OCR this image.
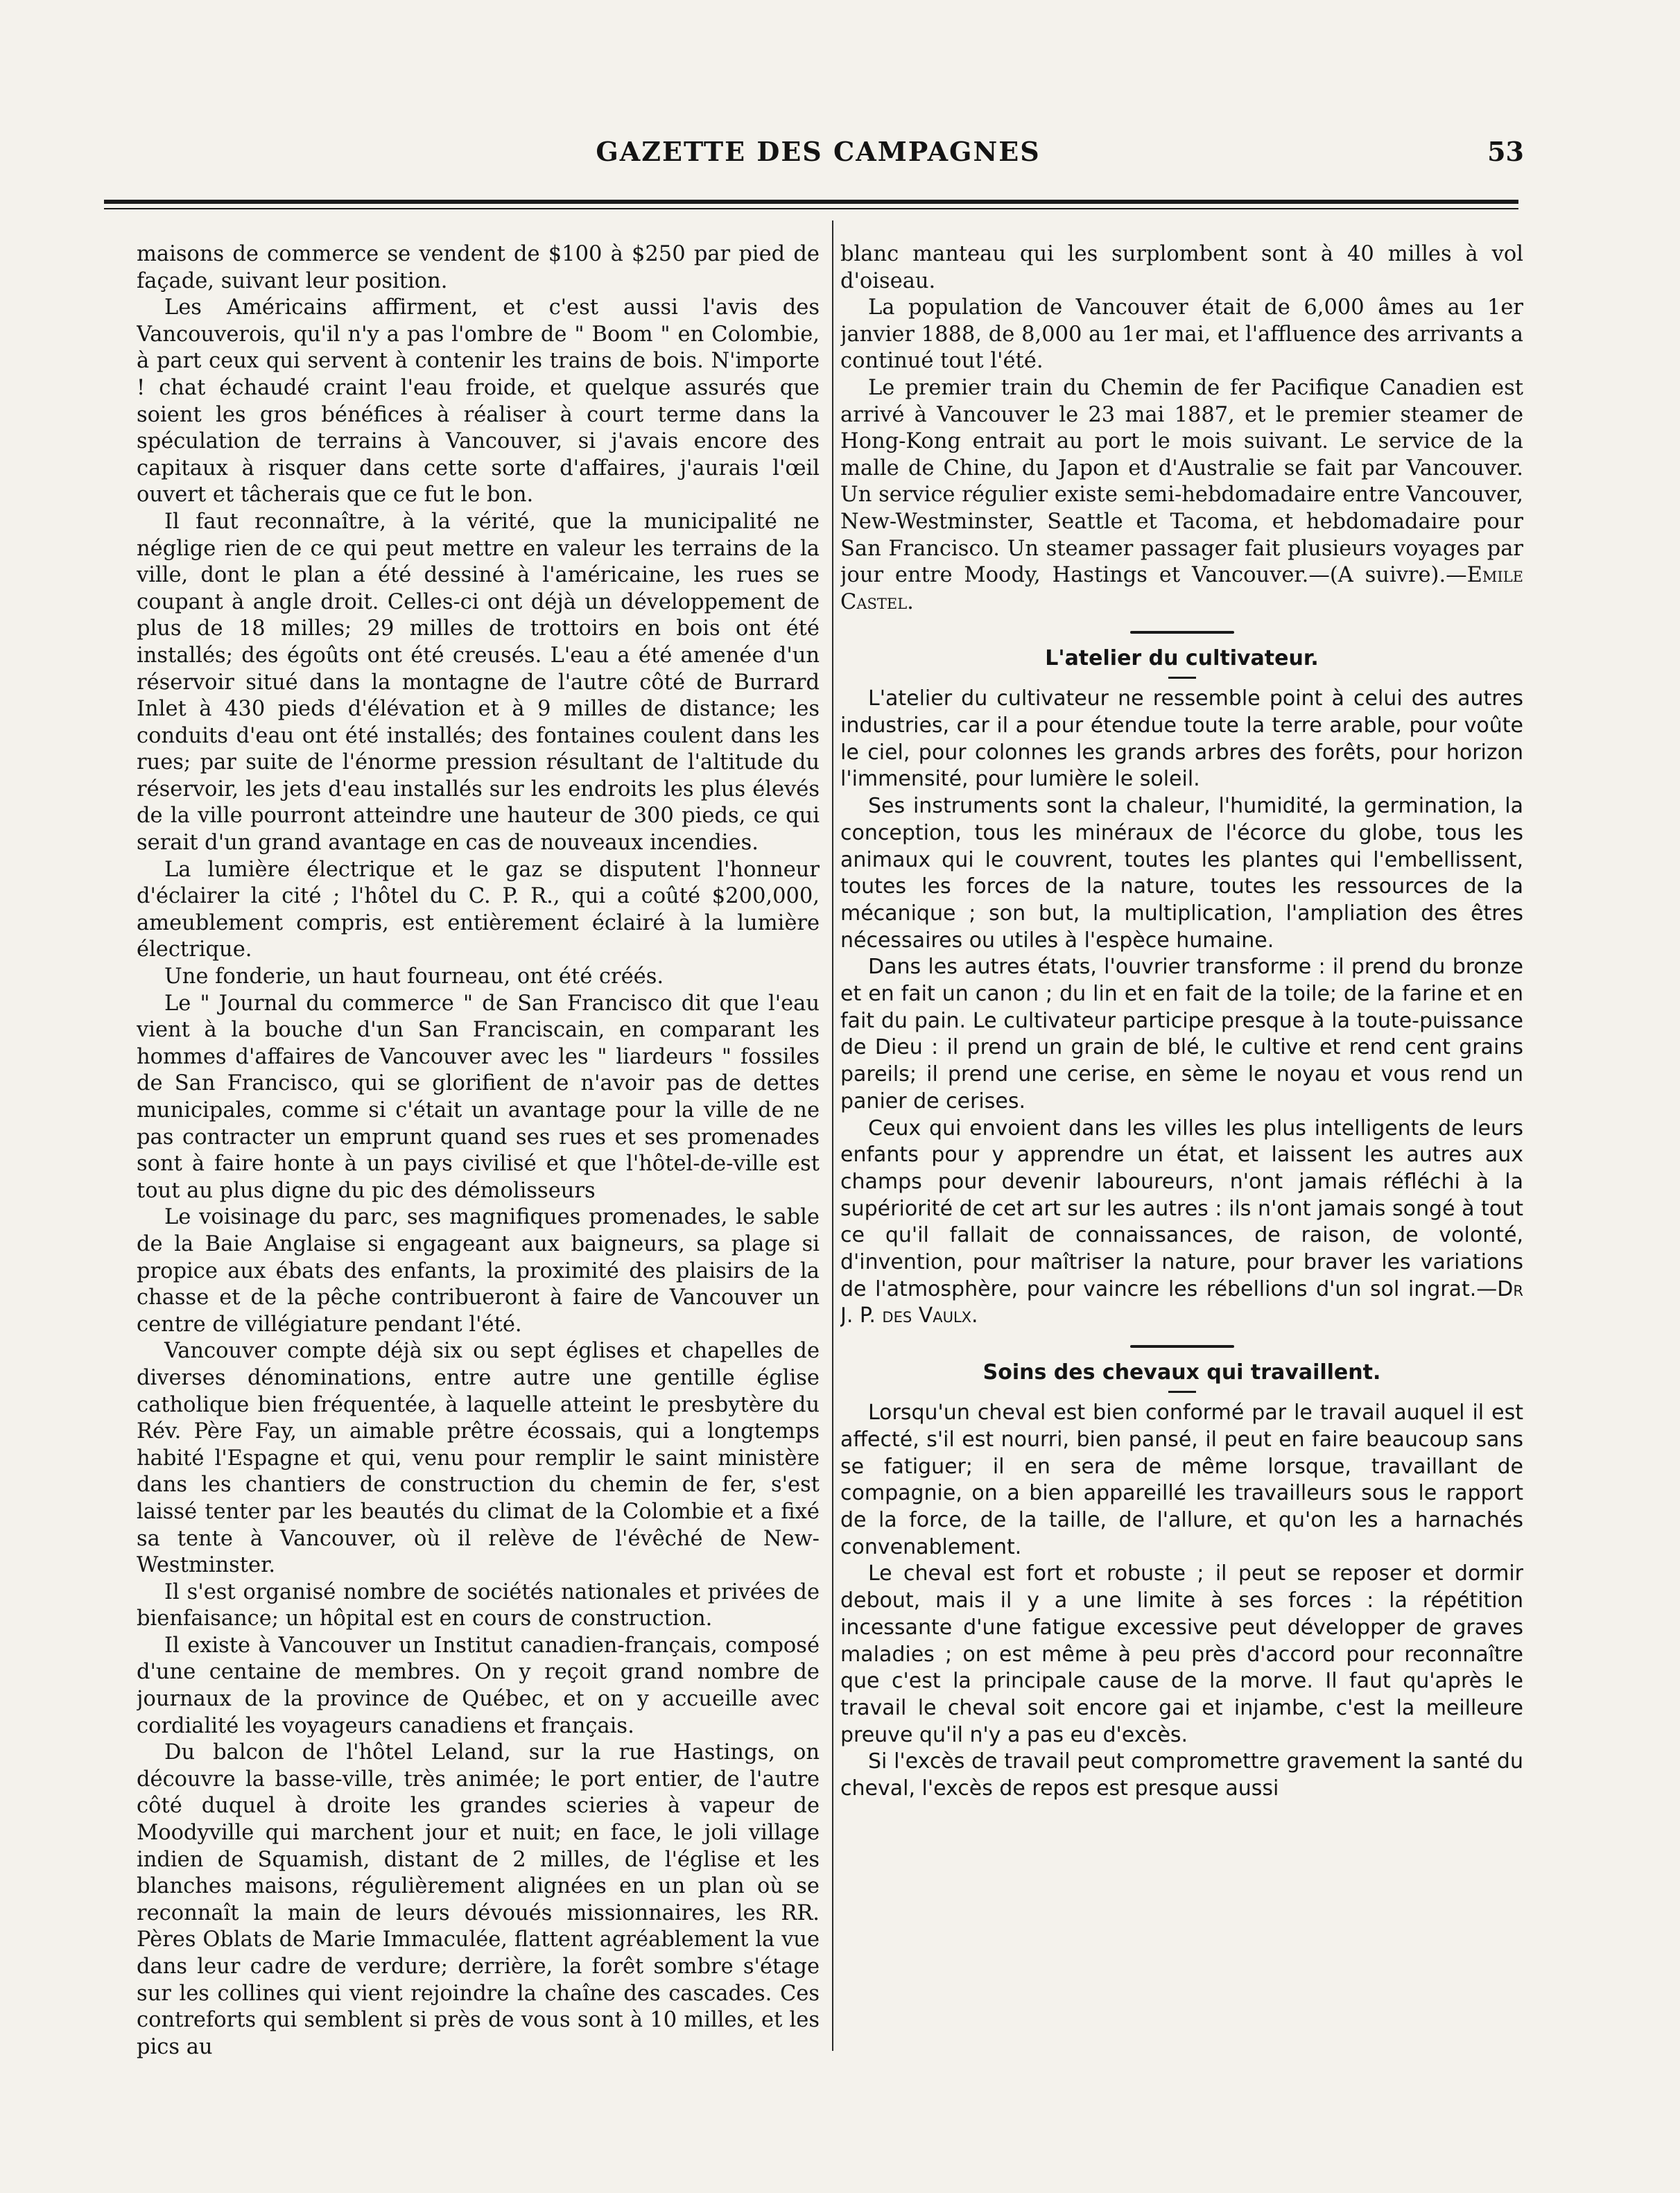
GAZETTE DES CAMPAGNES	53

maisons de commerce se vendent de $100 à $250 par pied de façade, suivant leur position.

Les Américains affirment, et c'est aussi l'avis des Vancouverois, qu'il n'y a pas l'ombre de " Boom " en Colombie, à part ceux qui servent à contenir les trains de bois. N'importe ! chat échaudé craint l'eau froide, et quelque assurés que soient les gros bénéfices à réaliser à court terme dans la spéculation de terrains à Vancouver, si j'avais encore des capitaux à risquer dans cette sorte d'affaires, j'aurais l'œil ouvert et tâcherais que ce fut le bon.

Il faut reconnaître, à la vérité, que la municipalité ne néglige rien de ce qui peut mettre en valeur les terrains de la ville, dont le plan a été dessiné à l'américaine, les rues se coupant à angle droit. Celles-ci ont déjà un développement de plus de 18 milles; 29 milles de trottoirs en bois ont été installés; des égoûts ont été creusés. L'eau a été amenée d'un réservoir situé dans la montagne de l'autre côté de Burrard Inlet à 430 pieds d'élévation et à 9 milles de distance; les conduits d'eau ont été installés; des fontaines coulent dans les rues; par suite de l'énorme pression résultant de l'altitude du réservoir, les jets d'eau installés sur les endroits les plus élevés de la ville pourront atteindre une hauteur de 300 pieds, ce qui serait d'un grand avantage en cas de nouveaux incendies.

La lumière électrique et le gaz se disputent l'honneur d'éclairer la cité ; l'hôtel du C. P. R., qui a coûté $200,000, ameublement compris, est entièrement éclairé à la lumière électrique.

Une fonderie, un haut fourneau, ont été créés.

Le " Journal du commerce " de San Francisco dit que l'eau vient à la bouche d'un San Franciscain, en comparant les hommes d'affaires de Vancouver avec les " liardeurs " fossiles de San Francisco, qui se glorifient de n'avoir pas de dettes municipales, comme si c'était un avantage pour la ville de ne pas contracter un emprunt quand ses rues et ses promenades sont à faire honte à un pays civilisé et que l'hôtel-de-ville est tout au plus digne du pic des démolisseurs

Le voisinage du parc, ses magnifiques promenades, le sable de la Baie Anglaise si engageant aux baigneurs, sa plage si propice aux ébats des enfants, la proximité des plaisirs de la chasse et de la pêche contribueront à faire de Vancouver un centre de villégiature pendant l'été.

Vancouver compte déjà six ou sept églises et chapelles de diverses dénominations, entre autre une gentille église catholique bien fréquentée, à laquelle atteint le presbytère du Rév. Père Fay, un aimable prêtre écossais, qui a longtemps habité l'Espagne et qui, venu pour remplir le saint ministère dans les chantiers de construction du chemin de fer, s'est laissé tenter par les beautés du climat de la Colombie et a fixé sa tente à Vancouver, où il relève de l'évêché de New-Westminster.

Il s'est organisé nombre de sociétés nationales et privées de bienfaisance; un hôpital est en cours de construction.

Il existe à Vancouver un Institut canadien-français, composé d'une centaine de membres. On y reçoit grand nombre de journaux de la province de Québec, et on y accueille avec cordialité les voyageurs canadiens et français.

Du balcon de l'hôtel Leland, sur la rue Hastings, on découvre la basse-ville, très animée; le port entier, de l'autre côté duquel à droite les grandes scieries à vapeur de Moodyville qui marchent jour et nuit; en face, le joli village indien de Squamish, distant de 2 milles, de l'église et les blanches maisons, régulièrement alignées en un plan où se reconnaît la main de leurs dévoués missionnaires, les RR. Pères Oblats de Marie Immaculée, flattent agréablement la vue dans leur cadre de verdure; derrière, la forêt sombre s'étage sur les collines qui vient rejoindre la chaîne des cascades. Ces contreforts qui semblent si près de vous sont à 10 milles, et les pics au

blanc manteau qui les surplombent sont à 40 milles à vol d'oiseau.

La population de Vancouver était de 6,000 âmes au 1er janvier 1888, de 8,000 au 1er mai, et l'affluence des arrivants a continué tout l'été.

Le premier train du Chemin de fer Pacifique Canadien est arrivé à Vancouver le 23 mai 1887, et le premier steamer de Hong-Kong entrait au port le mois suivant. Le service de la malle de Chine, du Japon et d'Australie se fait par Vancouver. Un service régulier existe semi-hebdomadaire entre Vancouver, New-Westminster, Seattle et Tacoma, et hebdomadaire pour San Francisco. Un steamer passager fait plusieurs voyages par jour entre Moody, Hastings et Vancouver.—(A suivre).—Emile Castel.

L'atelier du cultivateur.

L'atelier du cultivateur ne ressemble point à celui des autres industries, car il a pour étendue toute la terre arable, pour voûte le ciel, pour colonnes les grands arbres des forêts, pour horizon l'immensité, pour lumière le soleil.

Ses instruments sont la chaleur, l'humidité, la germination, la conception, tous les minéraux de l'écorce du globe, tous les animaux qui le couvrent, toutes les plantes qui l'embellissent, toutes les forces de la nature, toutes les ressources de la mécanique ; son but, la multiplication, l'ampliation des êtres nécessaires ou utiles à l'espèce humaine.

Dans les autres états, l'ouvrier transforme : il prend du bronze et en fait un canon ; du lin et en fait de la toile; de la farine et en fait du pain. Le cultivateur participe presque à la toute-puissance de Dieu : il prend un grain de blé, le cultive et rend cent grains pareils; il prend une cerise, en sème le noyau et vous rend un panier de cerises.

Ceux qui envoient dans les villes les plus intelligents de leurs enfants pour y apprendre un état, et laissent les autres aux champs pour devenir laboureurs, n'ont jamais réfléchi à la supériorité de cet art sur les autres : ils n'ont jamais songé à tout ce qu'il fallait de connaissances, de raison, de volonté, d'invention, pour maîtriser la nature, pour braver les variations de l'atmosphère, pour vaincre les rébellions d'un sol ingrat.—Dr J. P. des Vaulx.

Soins des chevaux qui travaillent.

Lorsqu'un cheval est bien conformé par le travail auquel il est affecté, s'il est nourri, bien pansé, il peut en faire beaucoup sans se fatiguer; il en sera de même lorsque, travaillant de compagnie, on a bien appareillé les travailleurs sous le rapport de la force, de la taille, de l'allure, et qu'on les a harnachés convenablement.

Le cheval est fort et robuste ; il peut se reposer et dormir debout, mais il y a une limite à ses forces : la répétition incessante d'une fatigue excessive peut développer de graves maladies ; on est même à peu près d'accord pour reconnaître que c'est la principale cause de la morve. Il faut qu'après le travail le cheval soit encore gai et injambe, c'est la meilleure preuve qu'il n'y a pas eu d'excès.

Si l'excès de travail peut compromettre gravement la santé du cheval, l'excès de repos est presque aussi
